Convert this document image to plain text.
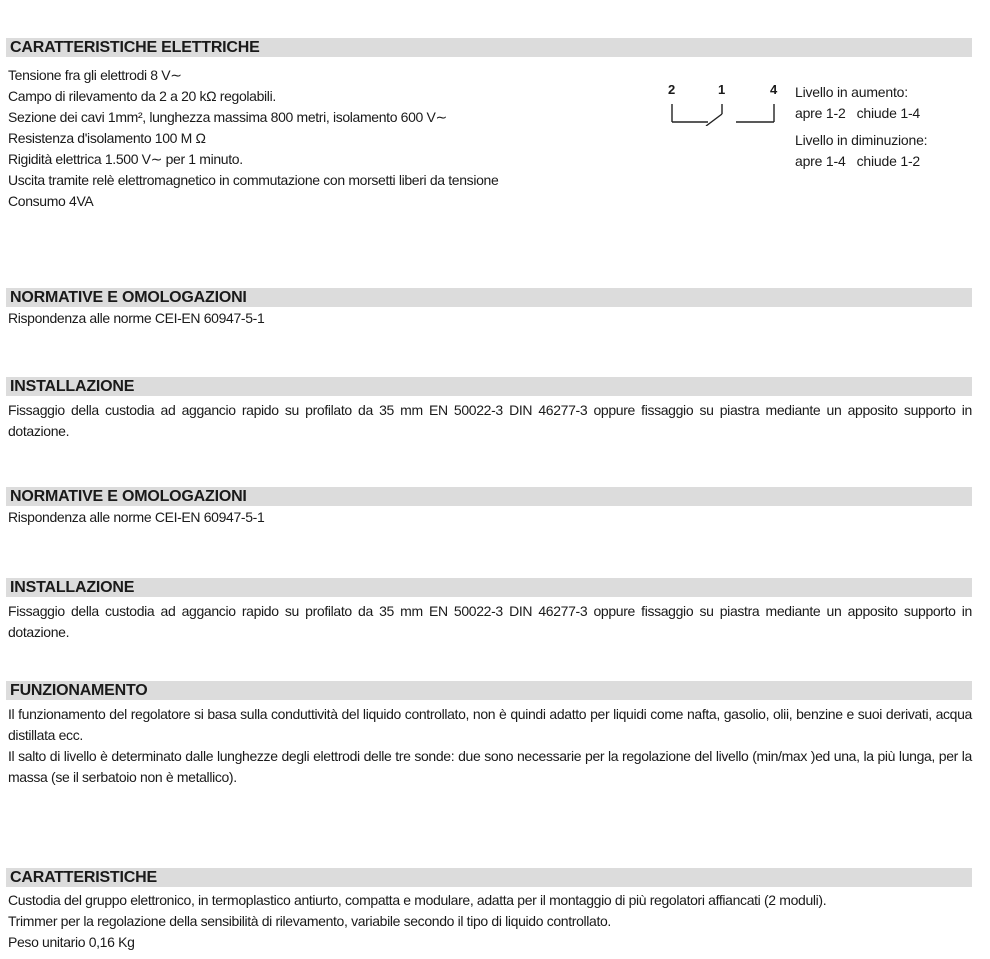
CARATTERISTICHE ELETTRICHE
Tensione fra gli elettrodi 8 V∼
Campo di rilevamento da 2 a 20 kΩ regolabili.
Sezione dei cavi 1mm², lunghezza massima 800 metri, isolamento 600 V∼
Resistenza d'isolamento 100 M Ω
Rigidità elettrica 1.500 V∼ per 1 minuto.
Uscita tramite relè elettromagnetico in commutazione con morsetti liberi da tensione
Consumo 4VA
2	1	4 Livello in aumento:
apre 1-2   chiude 1-4
Livello in diminuzione:
apre 1-4   chiude 1-2
NORMATIVE E OMOLOGAZIONI
Rispondenza alle norme CEI-EN 60947-5-1
INSTALLAZIONE
Fissaggio della custodia ad aggancio rapido su profilato da 35 mm EN 50022-3 DIN 46277-3 oppure fissaggio su piastra mediante un apposito supporto in dotazione.
NORMATIVE E OMOLOGAZIONI
Rispondenza alle norme CEI-EN 60947-5-1
INSTALLAZIONE
Fissaggio della custodia ad aggancio rapido su profilato da 35 mm EN 50022-3 DIN 46277-3 oppure fissaggio su piastra mediante un apposito supporto in dotazione.
FUNZIONAMENTO
Il funzionamento del regolatore si basa sulla conduttività del liquido controllato, non è quindi adatto per liquidi come nafta, gasolio, olii, benzine e suoi derivati, acqua distillata ecc.
Il salto di livello è determinato dalle lunghezze degli elettrodi delle tre sonde: due sono necessarie per la regolazione del livello (min/max )ed una, la più lunga, per la massa (se il serbatoio non è metallico).
CARATTERISTICHE
Custodia del gruppo elettronico, in termoplastico antiurto, compatta e modulare, adatta per il montaggio di più regolatori affiancati (2 moduli).
Trimmer per la regolazione della sensibilità di rilevamento, variabile secondo il tipo di liquido controllato.
Peso unitario 0,16 Kg
